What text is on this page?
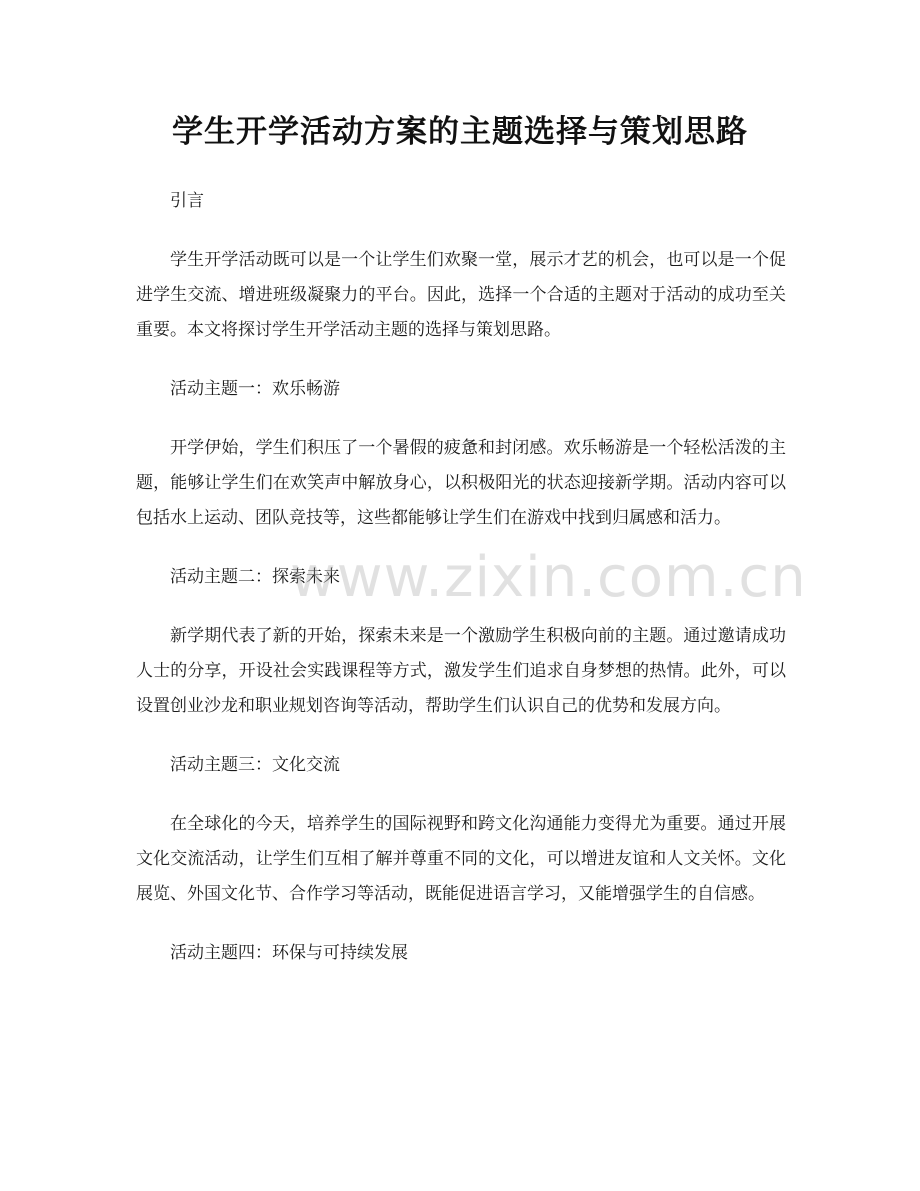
学生开学活动方案的主题选择与策划思路

引言

学生开学活动既可以是一个让学生们欢聚一堂，展示才艺的机会，也可以是一个促进学生交流、增进班级凝聚力的平台。因此，选择一个合适的主题对于活动的成功至关重要。本文将探讨学生开学活动主题的选择与策划思路。

活动主题一：欢乐畅游

开学伊始，学生们积压了一个暑假的疲惫和封闭感。欢乐畅游是一个轻松活泼的主题，能够让学生们在欢笑声中解放身心，以积极阳光的状态迎接新学期。活动内容可以包括水上运动、团队竞技等，这些都能够让学生们在游戏中找到归属感和活力。

活动主题二：探索未来

新学期代表了新的开始，探索未来是一个激励学生积极向前的主题。通过邀请成功人士的分享，开设社会实践课程等方式，激发学生们追求自身梦想的热情。此外，可以设置创业沙龙和职业规划咨询等活动，帮助学生们认识自己的优势和发展方向。

活动主题三：文化交流

在全球化的今天，培养学生的国际视野和跨文化沟通能力变得尤为重要。通过开展文化交流活动，让学生们互相了解并尊重不同的文化，可以增进友谊和人文关怀。文化展览、外国文化节、合作学习等活动，既能促进语言学习，又能增强学生的自信感。

活动主题四：环保与可持续发展

www.zixin.com.cn
